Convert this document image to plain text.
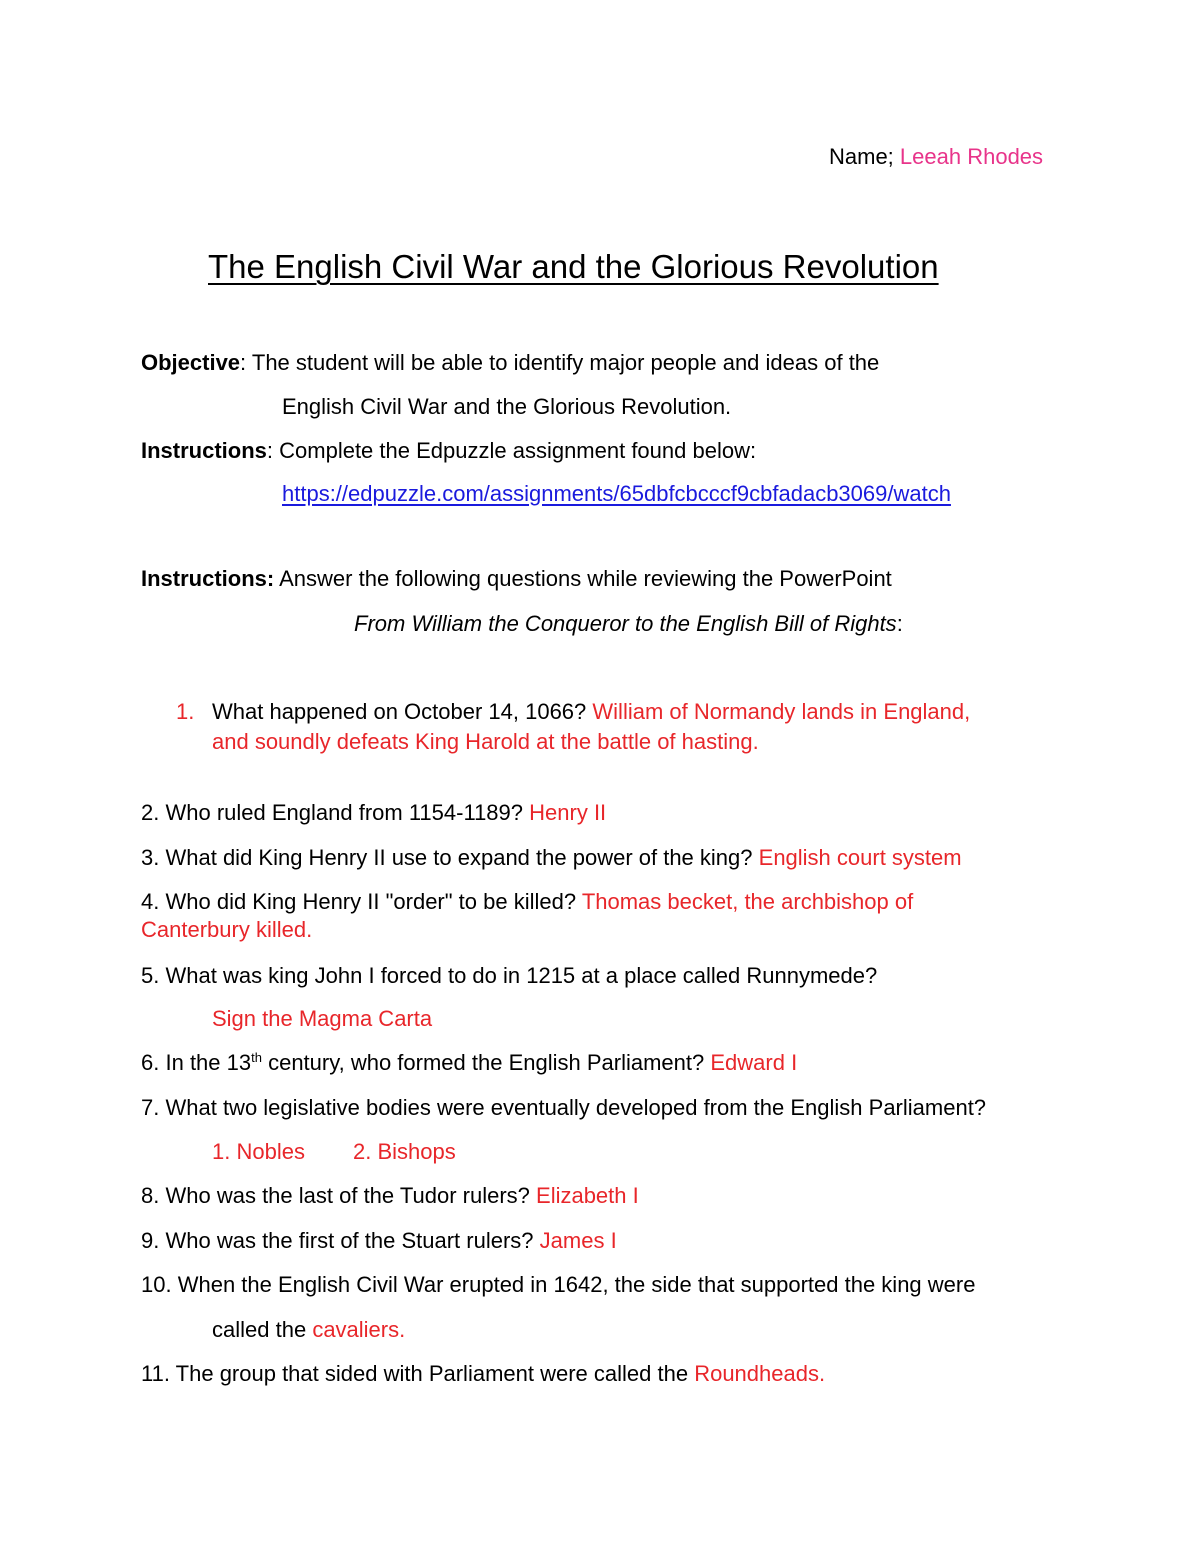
Name; Leeah Rhodes
The English Civil War and the Glorious Revolution
Objective: The student will be able to identify major people and ideas of the
English Civil War and the Glorious Revolution.
Instructions: Complete the Edpuzzle assignment found below:
https://edpuzzle.com/assignments/65dbfcbcccf9cbfadacb3069/watch
Instructions: Answer the following questions while reviewing the PowerPoint
From William the Conqueror to the English Bill of Rights:
1. What happened on October 14, 1066? William of Normandy lands in England,
and soundly defeats King Harold at the battle of hasting.
2. Who ruled England from 1154-1189? Henry II
3. What did King Henry II use to expand the power of the king? English court system
4. Who did King Henry II "order" to be killed? Thomas becket, the archbishop of
Canterbury killed.
5. What was king John I forced to do in 1215 at a place called Runnymede?
Sign the Magma Carta
6. In the 13th century, who formed the English Parliament? Edward I
7. What two legislative bodies were eventually developed from the English Parliament?
1. Nobles 2. Bishops
8. Who was the last of the Tudor rulers? Elizabeth I
9. Who was the first of the Stuart rulers? James I
10. When the English Civil War erupted in 1642, the side that supported the king were
called the cavaliers.
11. The group that sided with Parliament were called the Roundheads.
